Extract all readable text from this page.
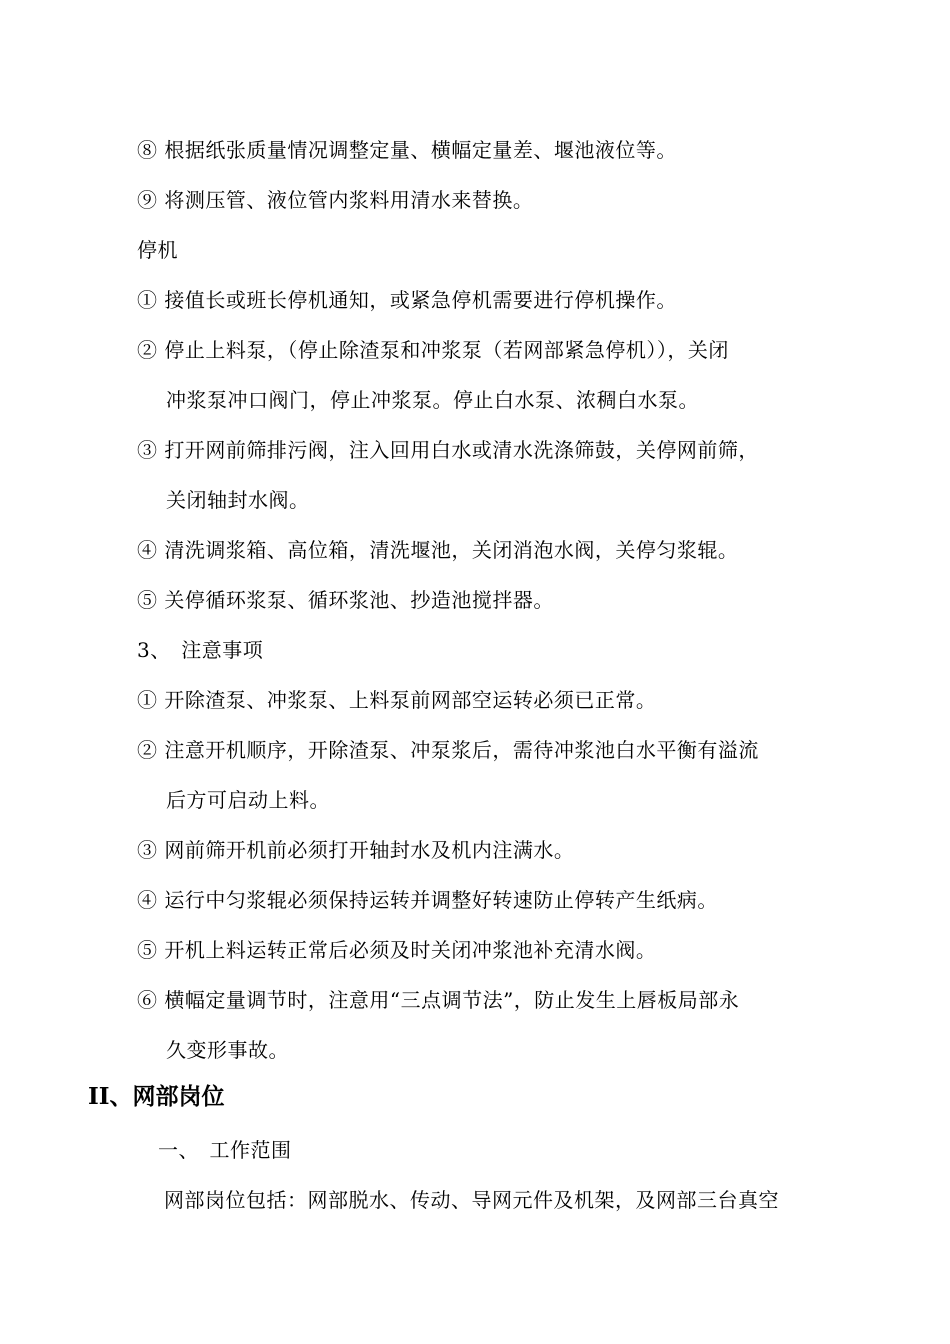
⑧ 根据纸张质量情况调整定量、横幅定量差、堰池液位等。
⑨ 将测压管、液位管内浆料用清水来替换。
停机
① 接值长或班长停机通知，或紧急停机需要进行停机操作。
② 停止上料泵，（停止除渣泵和冲浆泵（若网部紧急停机）），关闭
冲浆泵冲口阀门，停止冲浆泵。停止白水泵、浓稠白水泵。
③ 打开网前筛排污阀，注入回用白水或清水洗涤筛鼓，关停网前筛，
关闭轴封水阀。
④ 清洗调浆箱、高位箱，清洗堰池，关闭消泡水阀，关停匀浆辊。
⑤ 关停循环浆泵、循环浆池、抄造池搅拌器。
3、　注意事项
① 开除渣泵、冲浆泵、上料泵前网部空运转必须已正常。
② 注意开机顺序，开除渣泵、冲泵浆后，需待冲浆池白水平衡有溢流
后方可启动上料。
③ 网前筛开机前必须打开轴封水及机内注满水。
④ 运行中匀浆辊必须保持运转并调整好转速防止停转产生纸病。
⑤ 开机上料运转正常后必须及时关闭冲浆池补充清水阀。
⑥ 横幅定量调节时，注意用“三点调节法”，防止发生上唇板局部永
久变形事故。
II、网部岗位
一、　工作范围
网部岗位包括：网部脱水、传动、导网元件及机架，及网部三台真空
